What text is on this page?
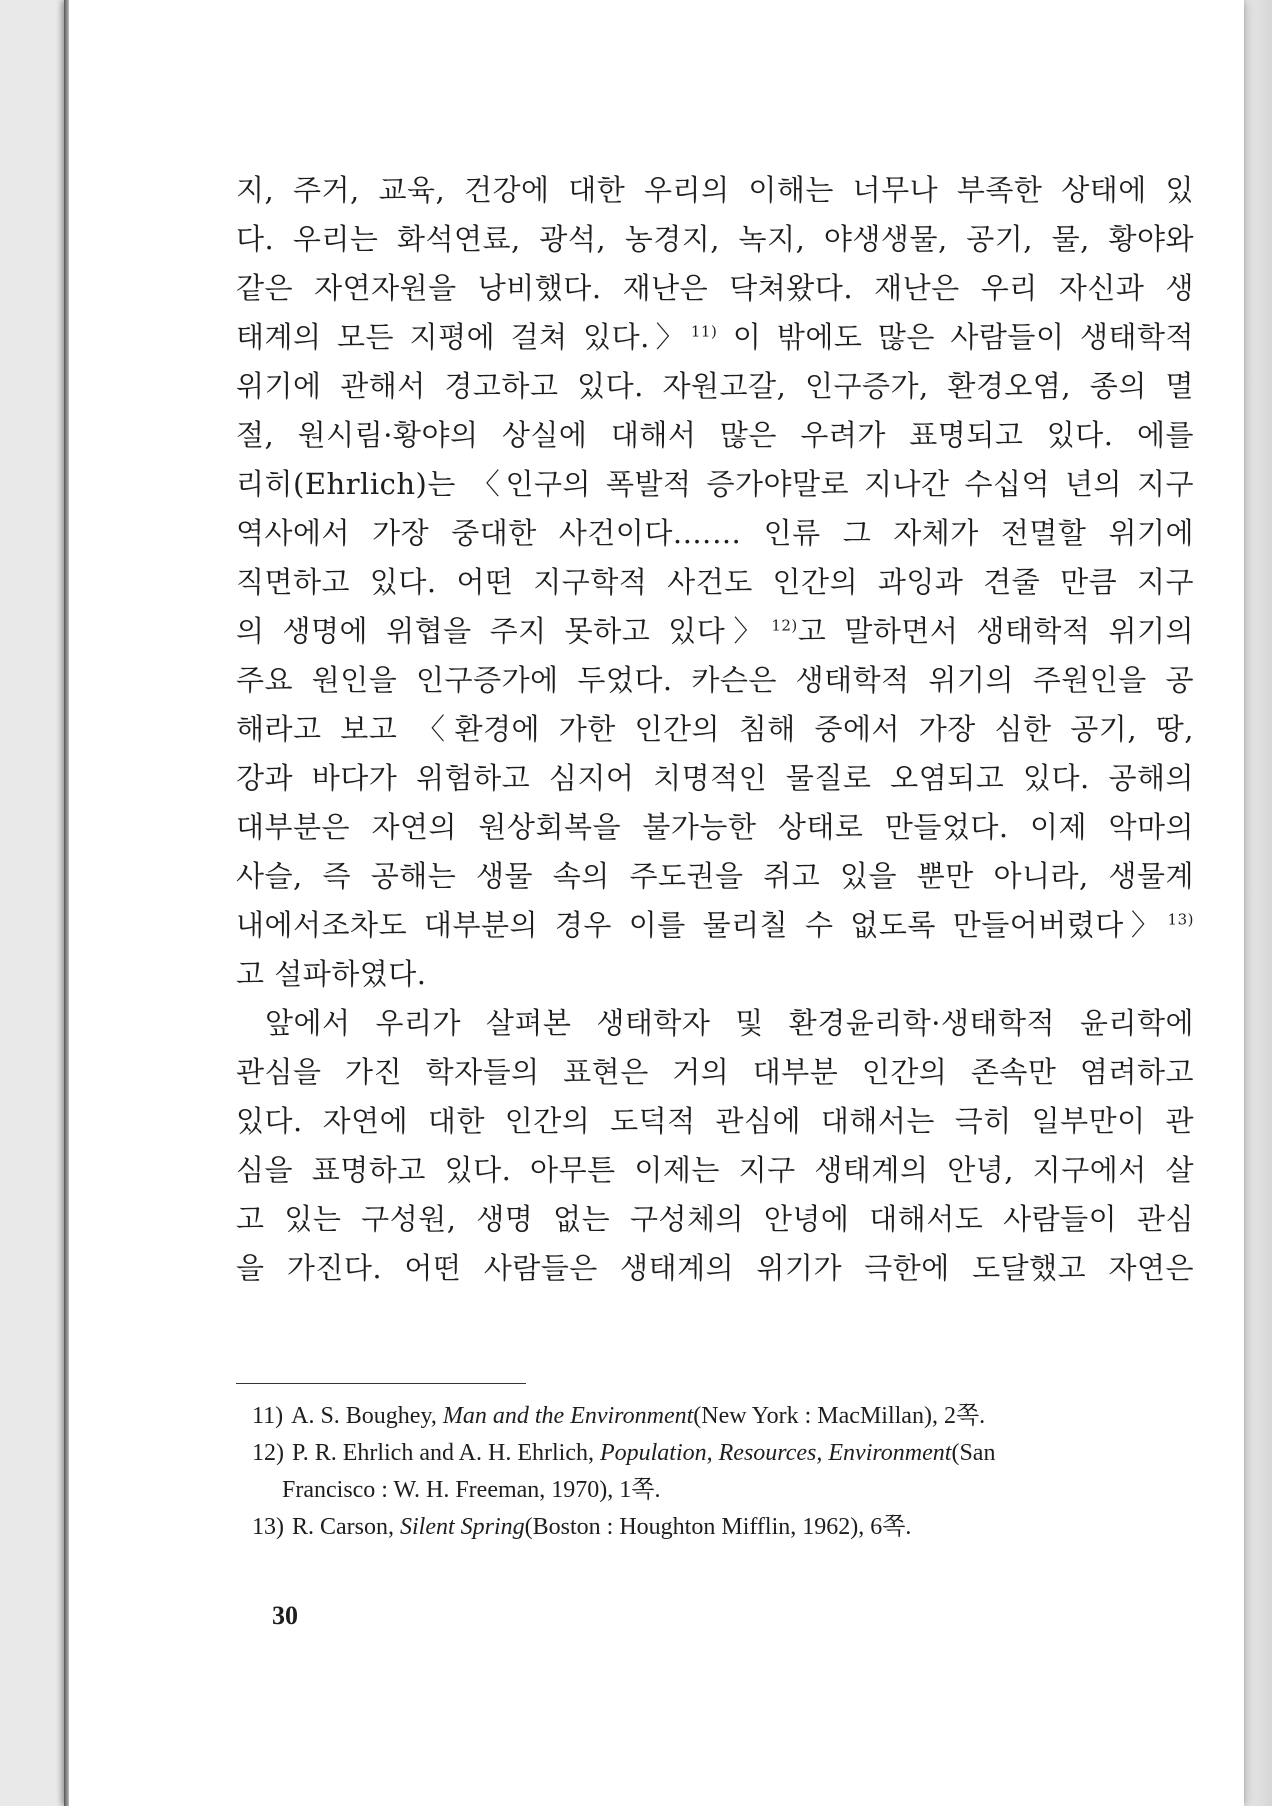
지, 주거, 교육, 건강에 대한 우리의 이해는 너무나 부족한 상태에 있
다. 우리는 화석연료, 광석, 농경지, 녹지, 야생생물, 공기, 물, 황야와
같은 자연자원을 낭비했다. 재난은 닥쳐왔다. 재난은 우리 자신과 생
태계의 모든 지평에 걸쳐 있다.〉$^{11)}$ 이 밖에도 많은 사람들이 생태학적
위기에 관해서 경고하고 있다. 자원고갈, 인구증가, 환경오염, 종의 멸
절, 원시림·황야의 상실에 대해서 많은 우려가 표명되고 있다. 에를
리히(Ehrlich)는 〈인구의 폭발적 증가야말로 지나간 수십억 년의 지구
역사에서 가장 중대한 사건이다.…… 인류 그 자체가 전멸할 위기에
직면하고 있다. 어떤 지구학적 사건도 인간의 과잉과 견줄 만큼 지구
의 생명에 위협을 주지 못하고 있다〉$^{12)}$고 말하면서 생태학적 위기의
주요 원인을 인구증가에 두었다. 카슨은 생태학적 위기의 주원인을 공
해라고 보고 〈환경에 가한 인간의 침해 중에서 가장 심한 공기, 땅,
강과 바다가 위험하고 심지어 치명적인 물질로 오염되고 있다. 공해의
대부분은 자연의 원상회복을 불가능한 상태로 만들었다. 이제 악마의
사슬, 즉 공해는 생물 속의 주도권을 쥐고 있을 뿐만 아니라, 생물계
내에서조차도 대부분의 경우 이를 물리칠 수 없도록 만들어버렸다〉$^{13)}$
고 설파하였다.
앞에서 우리가 살펴본 생태학자 및 환경윤리학·생태학적 윤리학에
관심을 가진 학자들의 표현은 거의 대부분 인간의 존속만 염려하고
있다. 자연에 대한 인간의 도덕적 관심에 대해서는 극히 일부만이 관
심을 표명하고 있다. 아무튼 이제는 지구 생태계의 안녕, 지구에서 살
고 있는 구성원, 생명 없는 구성체의 안녕에 대해서도 사람들이 관심
을 가진다. 어떤 사람들은 생태계의 위기가 극한에 도달했고 자연은
11) A. S. Boughey, Man and the Environment(New York : MacMillan), 2쪽.
12) P. R. Ehrlich and A. H. Ehrlich, Population, Resources, Environment(San
Francisco : W. H. Freeman, 1970), 1쪽.
13) R. Carson, Silent Spring(Boston : Houghton Mifflin, 1962), 6쪽.
30
